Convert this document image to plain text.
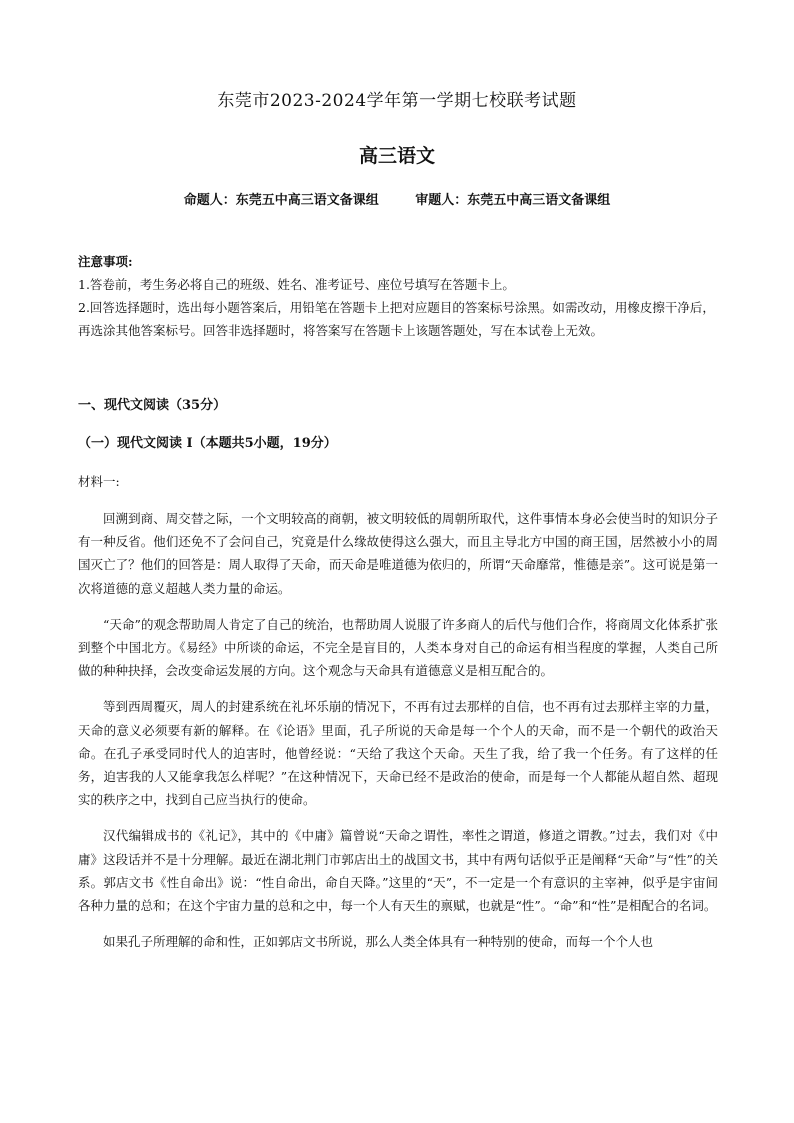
东莞市2023-2024学年第一学期七校联考试题
高三语文
命题人：东莞五中高三语文备课组	审题人：东莞五中高三语文备课组

注意事项:

1.答卷前，考生务必将自己的班级、姓名、准考证号、座位号填写在答题卡上。

2.回答选择题时，选出每小题答案后，用铅笔在答题卡上把对应题目的答案标号涂黑。如需改动，用橡皮擦干净后，再选涂其他答案标号。回答非选择题时，将答案写在答题卡上该题答题处，写在本试卷上无效。

一、现代文阅读（35分）
（一）现代文阅读 I（本题共5小题，19分）
材料一:

回溯到商、周交替之际，一个文明较高的商朝，被文明较低的周朝所取代，这件事情本身必会使当时的知识分子有一种反省。他们还免不了会问自己，究竟是什么缘故使得这么强大，而且主导北方中国的商王国，居然被小小的周国灭亡了？他们的回答是：周人取得了天命，而天命是唯道德为依归的，所谓“天命靡常，惟德是亲”。这可说是第一次将道德的意义超越人类力量的命运。

“天命”的观念帮助周人肯定了自己的统治，也帮助周人说服了许多商人的后代与他们合作，将商周文化体系扩张到整个中国北方。《易经》中所谈的命运，不完全是盲目的，人类本身对自己的命运有相当程度的掌握，人类自己所做的种种抉择，会改变命运发展的方向。这个观念与天命具有道德意义是相互配合的。

等到西周覆灭，周人的封建系统在礼坏乐崩的情况下，不再有过去那样的自信，也不再有过去那样主宰的力量，天命的意义必须要有新的解释。在《论语》里面，孔子所说的天命是每一个个人的天命，而不是一个朝代的政治天命。在孔子承受同时代人的迫害时，他曾经说：“天给了我这个天命。天生了我，给了我一个任务。有了这样的任务，迫害我的人又能拿我怎么样呢？”在这种情况下，天命已经不是政治的使命，而是每一个人都能从超自然、超现实的秩序之中，找到自己应当执行的使命。

汉代编辑成书的《礼记》，其中的《中庸》篇曾说“天命之谓性，率性之谓道，修道之谓教。”过去，我们对《中庸》这段话并不是十分理解。最近在湖北荆门市郭店出土的战国文书，其中有两句话似乎正是阐释“天命”与“性”的关系。郭店文书《性自命出》说：“性自命出，命自天降。”这里的“天”，不一定是一个有意识的主宰神，似乎是宇宙间各种力量的总和；在这个宇宙力量的总和之中，每一个人有天生的禀赋，也就是“性”。“命”和“性”是相配合的名词。

如果孔子所理解的命和性，正如郭店文书所说，那么人类全体具有一种特别的使命，而每一个个人也
